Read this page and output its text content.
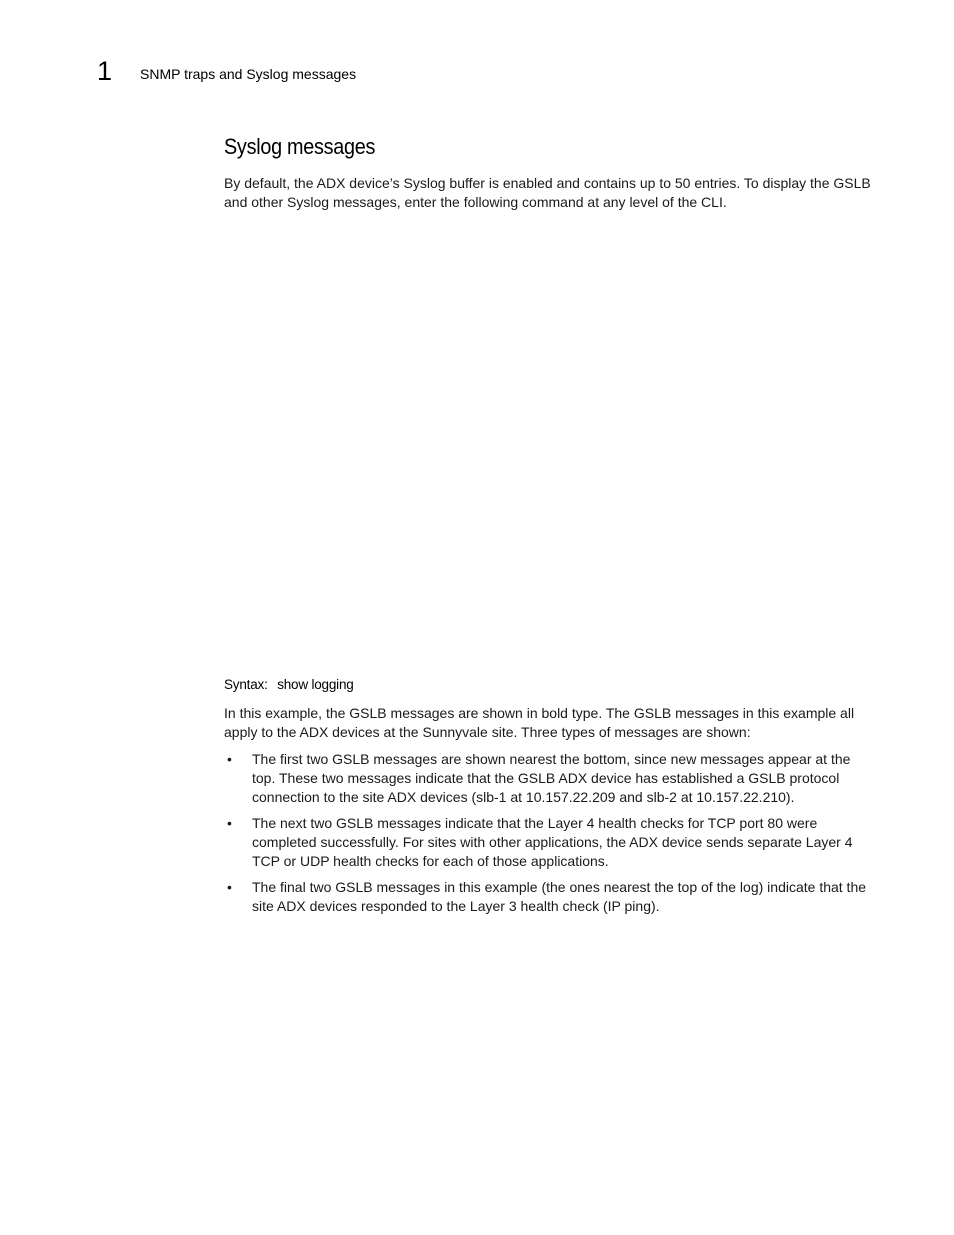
1 SNMP traps and Syslog messages
Syslog messages

By default, the ADX device’s Syslog buffer is enabled and contains up to 50 entries. To display the GSLB and other Syslog messages, enter the following command at any level of the CLI.

Syntax: show logging

In this example, the GSLB messages are shown in bold type. The GSLB messages in this example all apply to the ADX devices at the Sunnyvale site. Three types of messages are shown:

• The first two GSLB messages are shown nearest the bottom, since new messages appear at the top. These two messages indicate that the GSLB ADX device has established a GSLB protocol connection to the site ADX devices (slb-1 at 10.157.22.209 and slb-2 at 10.157.22.210).
• The next two GSLB messages indicate that the Layer 4 health checks for TCP port 80 were completed successfully. For sites with other applications, the ADX device sends separate Layer 4 TCP or UDP health checks for each of those applications.
• The final two GSLB messages in this example (the ones nearest the top of the log) indicate that the site ADX devices responded to the Layer 3 health check (IP ping).
